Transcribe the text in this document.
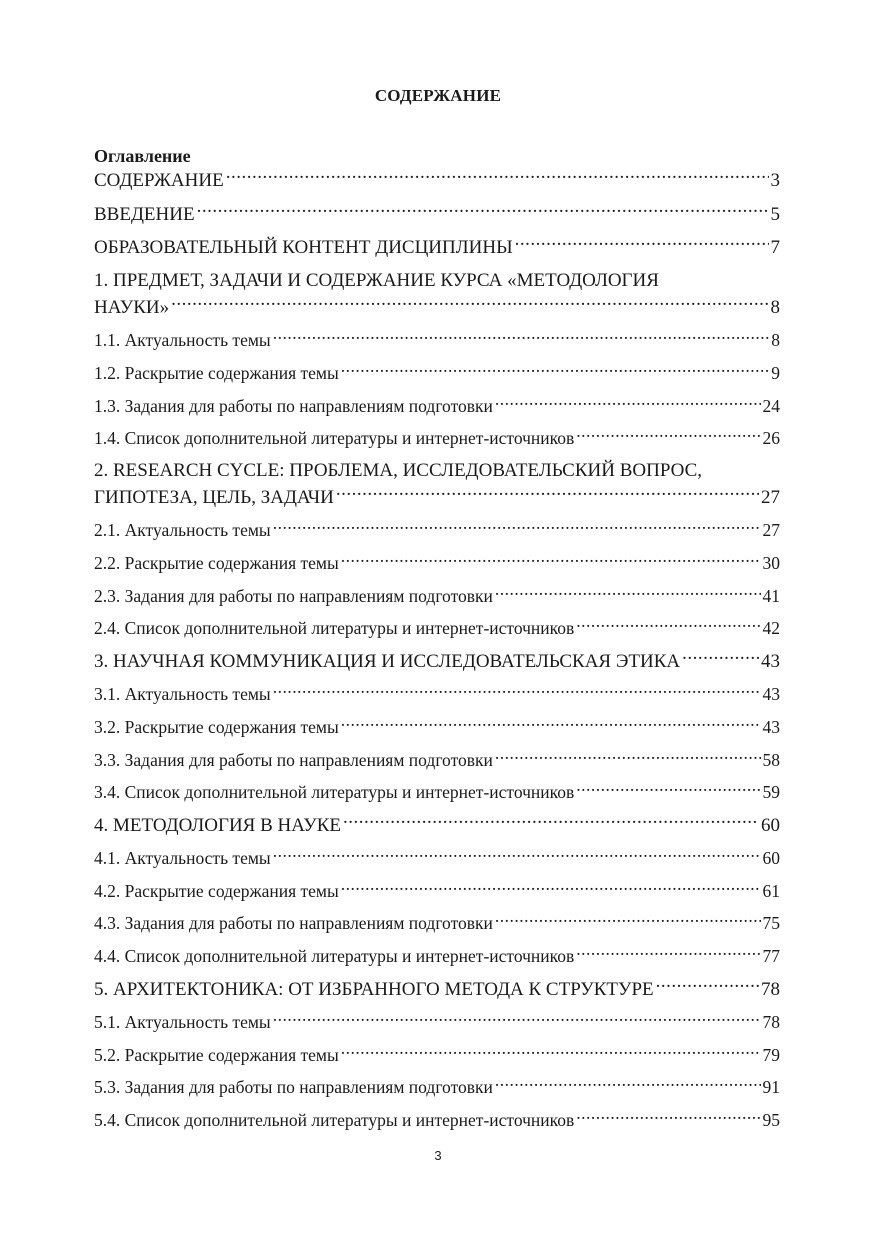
СОДЕРЖАНИЕ
Оглавление
СОДЕРЖАНИЕ .....	3
ВВЕДЕНИЕ .....	5
ОБРАЗОВАТЕЛЬНЫЙ КОНТЕНТ ДИСЦИПЛИНЫ .....	7
1. ПРЕДМЕТ, ЗАДАЧИ И СОДЕРЖАНИЕ КУРСА «МЕТОДОЛОГИЯ
НАУКИ» .....	8
1.1. Актуальность темы .....	8
1.2. Раскрытие содержания темы .....	9
1.3. Задания для работы по направлениям подготовки .....	24
1.4. Список дополнительной литературы и интернет-источников .....	26
2. RESEARCH CYCLE: ПРОБЛЕМА, ИССЛЕДОВАТЕЛЬСКИЙ ВОПРОС,
ГИПОТЕЗА, ЦЕЛЬ, ЗАДАЧИ .....	27
2.1. Актуальность темы .....	27
2.2. Раскрытие содержания темы .....	30
2.3. Задания для работы по направлениям подготовки .....	41
2.4. Список дополнительной литературы и интернет-источников .....	42
3. НАУЧНАЯ КОММУНИКАЦИЯ И ИССЛЕДОВАТЕЛЬСКАЯ ЭТИКА .....	43
3.1. Актуальность темы .....	43
3.2. Раскрытие содержания темы .....	43
3.3. Задания для работы по направлениям подготовки .....	58
3.4. Список дополнительной литературы и интернет-источников .....	59
4. МЕТОДОЛОГИЯ В НАУКЕ .....	60
4.1. Актуальность темы .....	60
4.2. Раскрытие содержания темы .....	61
4.3. Задания для работы по направлениям подготовки .....	75
4.4. Список дополнительной литературы и интернет-источников .....	77
5. АРХИТЕКТОНИКА: ОТ ИЗБРАННОГО МЕТОДА К СТРУКТУРЕ .....	78
5.1. Актуальность темы .....	78
5.2. Раскрытие содержания темы .....	79
5.3. Задания для работы по направлениям подготовки .....	91
5.4. Список дополнительной литературы и интернет-источников .....	95
3
